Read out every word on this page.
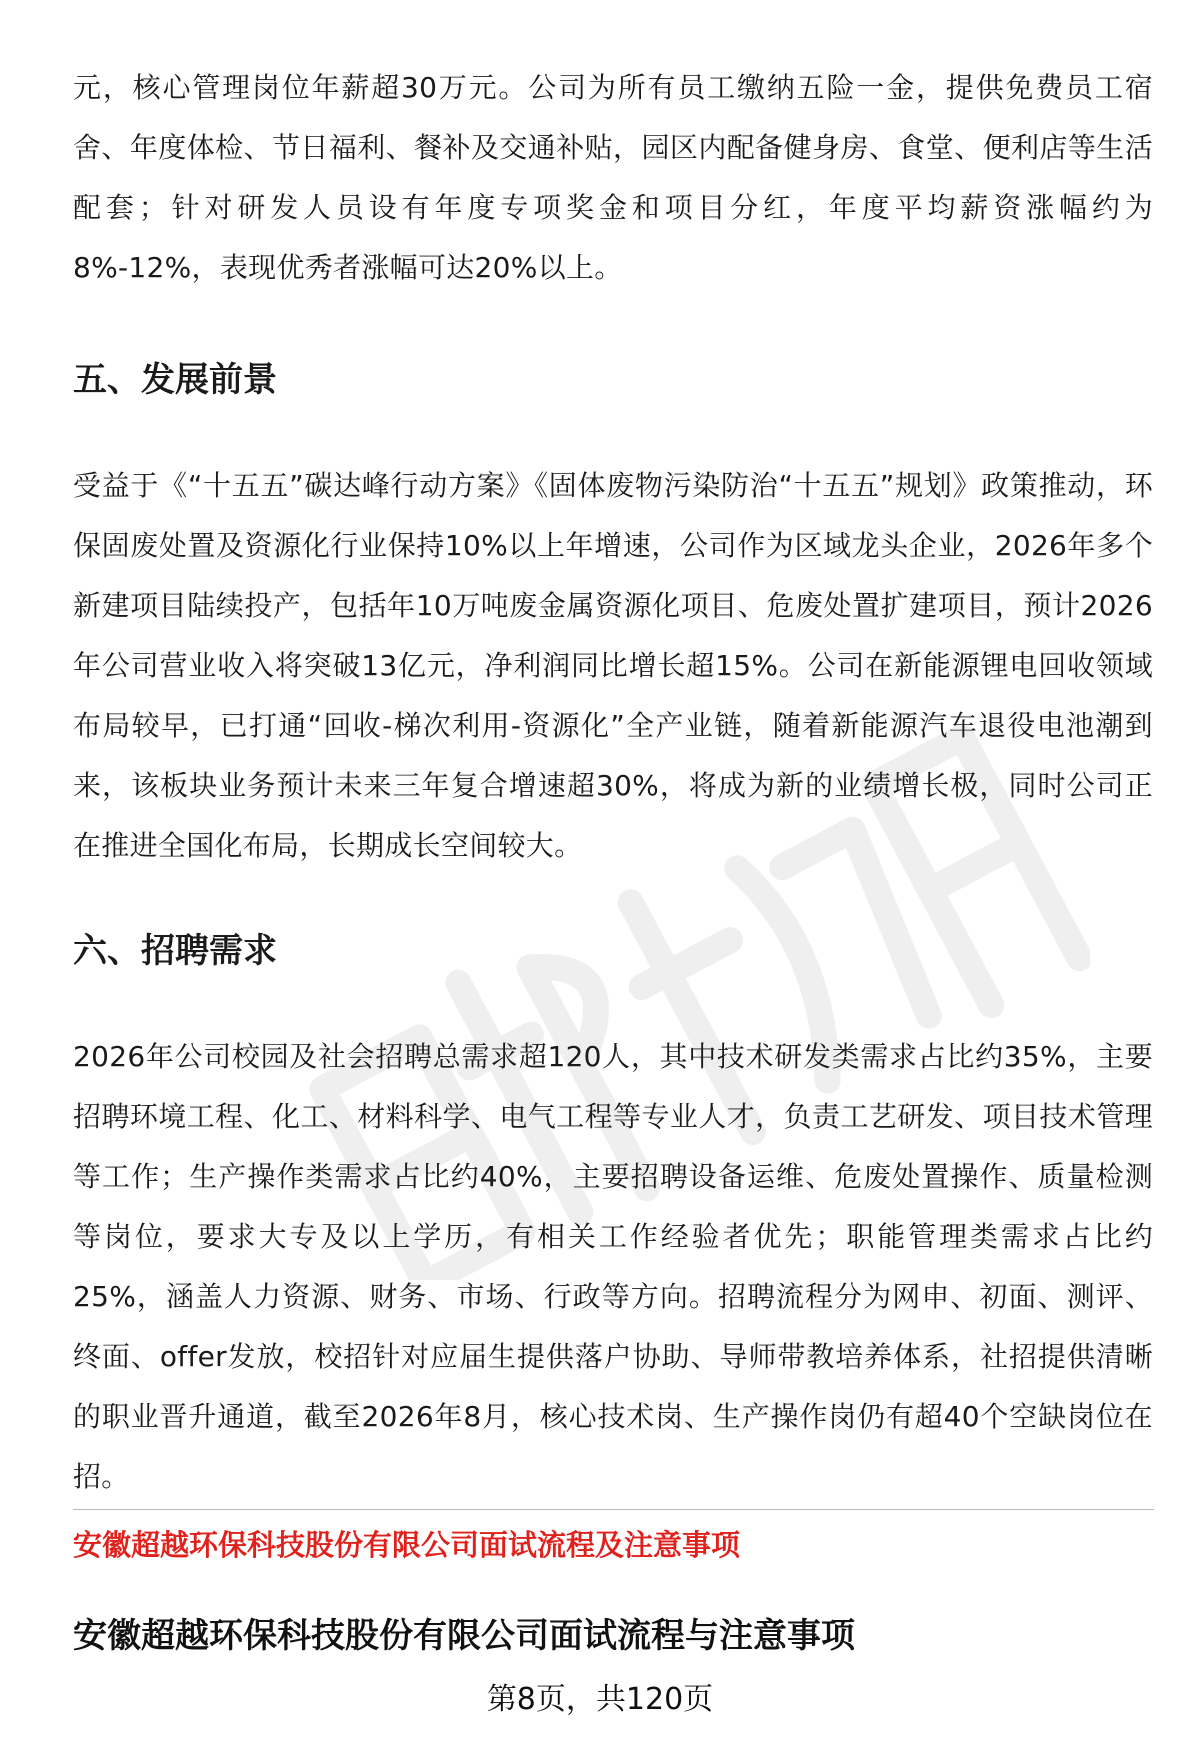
元，核心管理岗位年薪超30万元。公司为所有员工缴纳五险一金，提供免费员工宿舍、年度体检、节日福利、餐补及交通补贴，园区内配备健身房、食堂、便利店等生活配套；针对研发人员设有年度专项奖金和项目分红，年度平均薪资涨幅约为8%-12%，表现优秀者涨幅可达20%以上。

五、发展前景

受益于《“十五五”碳达峰行动方案》《固体废物污染防治“十五五”规划》政策推动，环保固废处置及资源化行业保持10%以上年增速，公司作为区域龙头企业，2026年多个新建项目陆续投产，包括年10万吨废金属资源化项目、危废处置扩建项目，预计2026年公司营业收入将突破13亿元，净利润同比增长超15%。公司在新能源锂电回收领域布局较早，已打通“回收-梯次利用-资源化”全产业链，随着新能源汽车退役电池潮到来，该板块业务预计未来三年复合增速超30%，将成为新的业绩增长极，同时公司正在推进全国化布局，长期成长空间较大。

六、招聘需求

2026年公司校园及社会招聘总需求超120人，其中技术研发类需求占比约35%，主要招聘环境工程、化工、材料科学、电气工程等专业人才，负责工艺研发、项目技术管理等工作；生产操作类需求占比约40%，主要招聘设备运维、危废处置操作、质量检测等岗位，要求大专及以上学历，有相关工作经验者优先；职能管理类需求占比约25%，涵盖人力资源、财务、市场、行政等方向。招聘流程分为网申、初面、测评、终面、offer发放，校招针对应届生提供落户协助、导师带教培养体系，社招提供清晰的职业晋升通道，截至2026年8月，核心技术岗、生产操作岗仍有超40个空缺岗位在招。

安徽超越环保科技股份有限公司面试流程及注意事项
安徽超越环保科技股份有限公司面试流程与注意事项
第8页，共120页
